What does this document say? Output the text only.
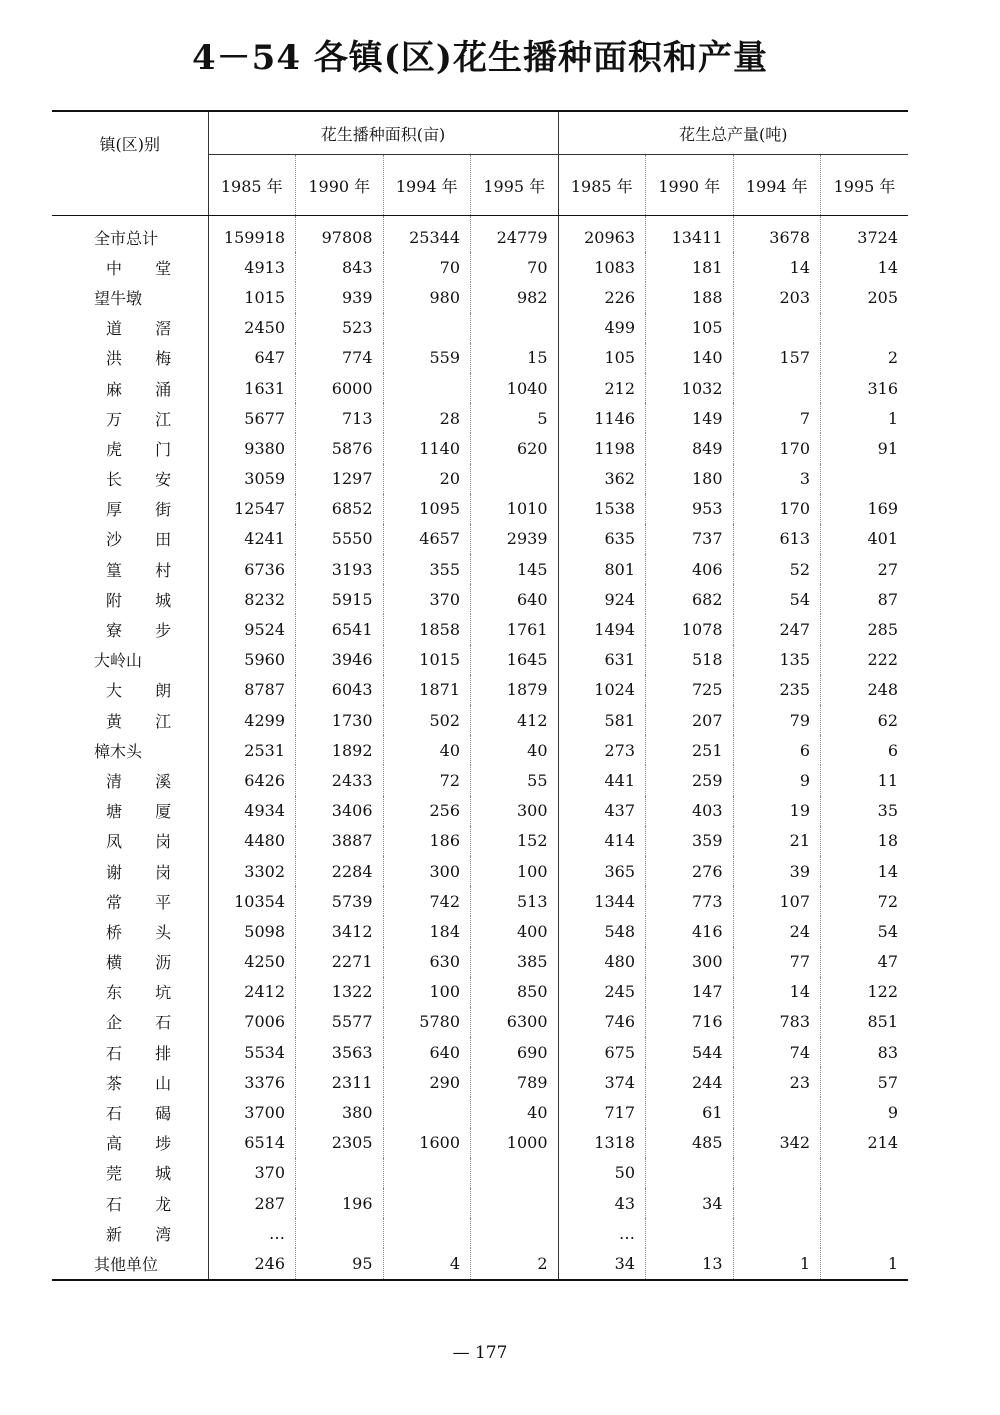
4－54 各镇(区)花生播种面积和产量
镇(区)别	花生播种面积(亩)				花生总产量(吨)			
	1985 年	1990 年	1994 年	1995 年	1985 年	1990 年	1994 年	1995 年
全市总计	159918	97808	25344	24779	20963	13411	3678	3724
中 堂	4913	843	70	70	1083	181	14	14
望牛墩	1015	939	980	982	226	188	203	205
道 滘	2450	523			499	105		
洪 梅	647	774	559	15	105	140	157	2
麻 涌	1631	6000		1040	212	1032		316
万 江	5677	713	28	5	1146	149	7	1
虎 门	9380	5876	1140	620	1198	849	170	91
长 安	3059	1297	20		362	180	3	
厚 街	12547	6852	1095	1010	1538	953	170	169
沙 田	4241	5550	4657	2939	635	737	613	401
篁 村	6736	3193	355	145	801	406	52	27
附 城	8232	5915	370	640	924	682	54	87
寮 步	9524	6541	1858	1761	1494	1078	247	285
大岭山	5960	3946	1015	1645	631	518	135	222
大 朗	8787	6043	1871	1879	1024	725	235	248
黄 江	4299	1730	502	412	581	207	79	62
樟木头	2531	1892	40	40	273	251	6	6
清 溪	6426	2433	72	55	441	259	9	11
塘 厦	4934	3406	256	300	437	403	19	35
凤 岗	4480	3887	186	152	414	359	21	18
谢 岗	3302	2284	300	100	365	276	39	14
常 平	10354	5739	742	513	1344	773	107	72
桥 头	5098	3412	184	400	548	416	24	54
横 沥	4250	2271	630	385	480	300	77	47
东 坑	2412	1322	100	850	245	147	14	122
企 石	7006	5577	5780	6300	746	716	783	851
石 排	5534	3563	640	690	675	544	74	83
茶 山	3376	2311	290	789	374	244	23	57
石 碣	3700	380		40	717	61		9
高 埗	6514	2305	1600	1000	1318	485	342	214
莞 城	370				50			
石 龙	287	196			43	34		
新 湾	…				…			
其他单位	246	95	4	2	34	13	1	1
— 177
